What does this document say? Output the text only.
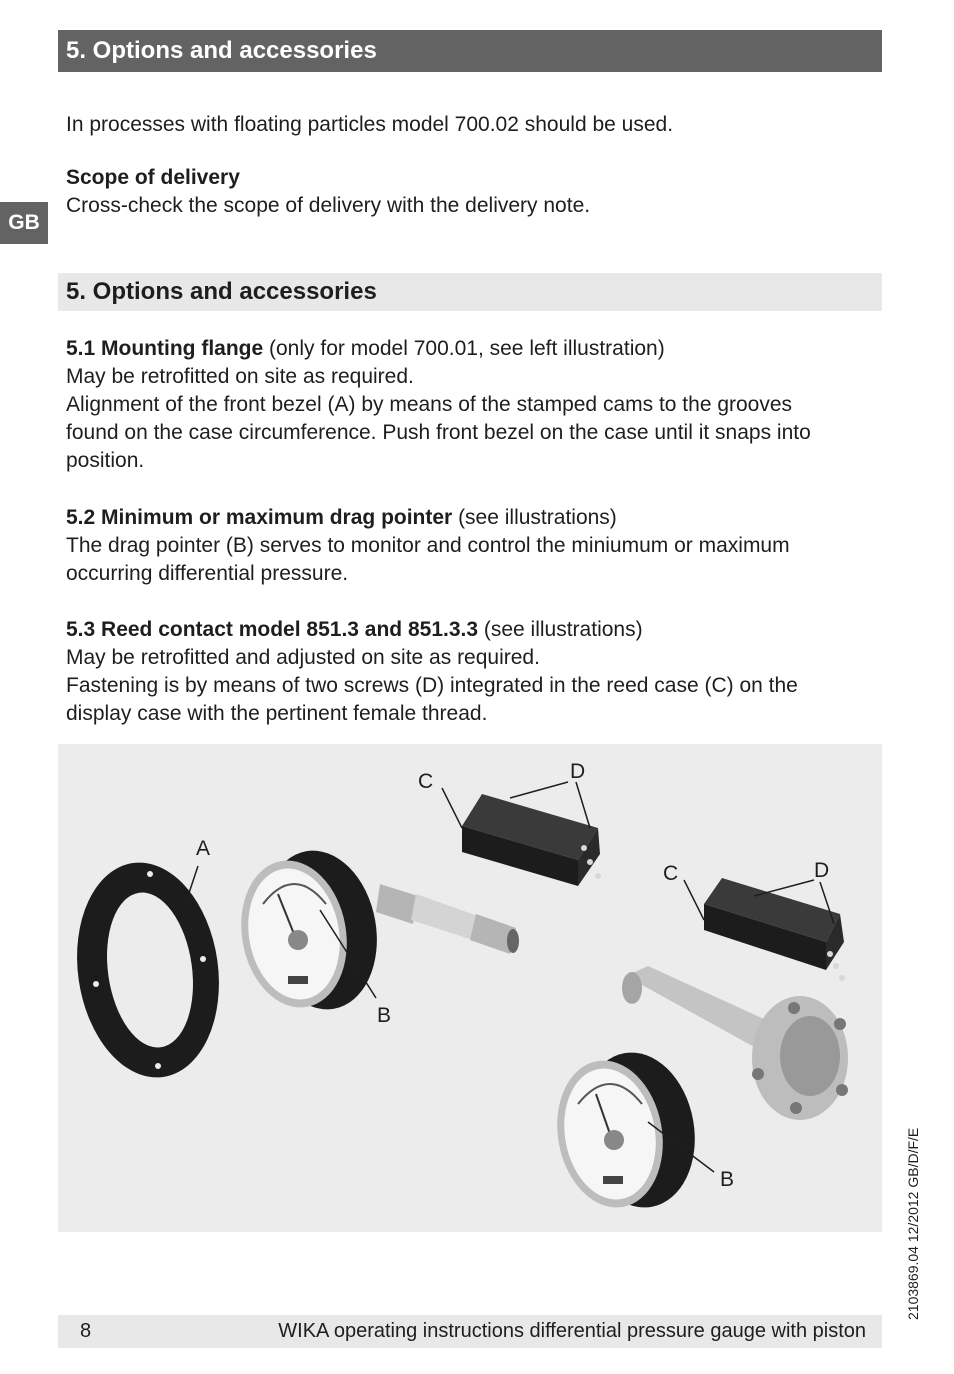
5. Options and accessories
GB

In processes with floating particles model 700.02 should be used.

Scope of delivery

Cross-check the scope of delivery with the delivery note.

5. Options and accessories

5.1 Mounting flange (only for model 700.01, see left illustration)

May be retrofitted on site as required.

Alignment of the front bezel (A) by means of the stamped cams to the grooves

found on the case circumference. Push front bezel on the case until it snaps into

position.

5.2 Minimum or maximum drag pointer (see illustrations)

The drag pointer (B) serves to monitor and control the miniumum or maximum

occurring differential pressure.

5.3 Reed contact model 851.3 and 851.3.3 (see illustrations)

May be retrofitted and adjusted on site as required.

Fastening is by means of two screws (D) integrated in the reed case (C) on the

display case with the pertinent female thread.

A
B
C	D
C	D
B	2103869.04 12/2012 GB/D/F/E
8	WIKA operating instructions differential pressure gauge with piston
